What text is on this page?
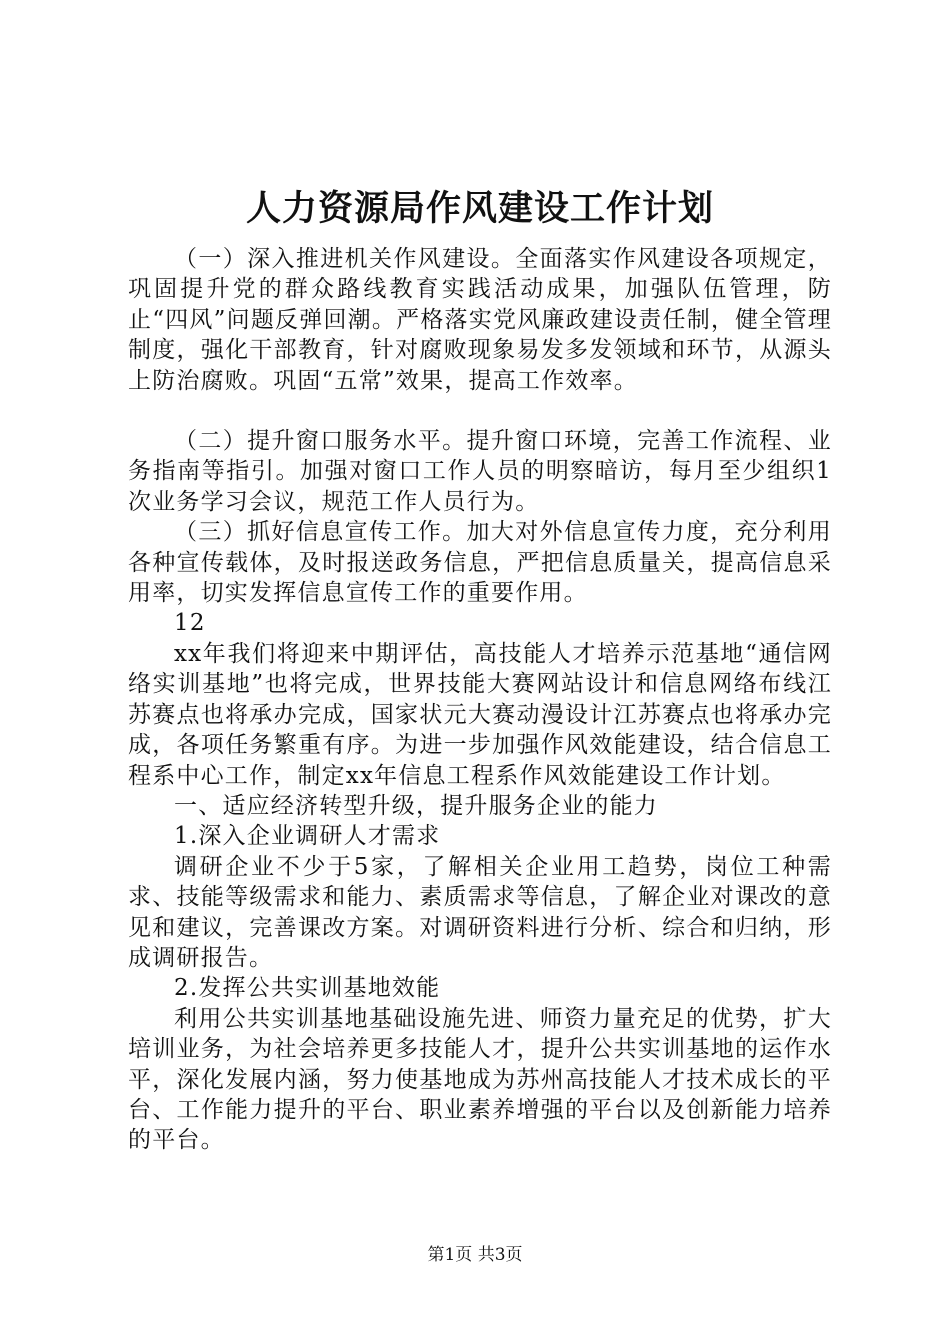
人力资源局作风建设工作计划

（一）深入推进机关作风建设。全面落实作风建设各项规定，巩固提升党的群众路线教育实践活动成果，加强队伍管理，防止“四风”问题反弹回潮。严格落实党风廉政建设责任制，健全管理制度，强化干部教育，针对腐败现象易发多发领域和环节，从源头上防治腐败。巩固“五常”效果，提高工作效率。

（二）提升窗口服务水平。提升窗口环境，完善工作流程、业务指南等指引。加强对窗口工作人员的明察暗访，每月至少组织1次业务学习会议，规范工作人员行为。

（三）抓好信息宣传工作。加大对外信息宣传力度，充分利用各种宣传载体，及时报送政务信息，严把信息质量关，提高信息采用率，切实发挥信息宣传工作的重要作用。

12

xx年我们将迎来中期评估，高技能人才培养示范基地“通信网络实训基地”也将完成，世界技能大赛网站设计和信息网络布线江苏赛点也将承办完成，国家状元大赛动漫设计江苏赛点也将承办完成，各项任务繁重有序。为进一步加强作风效能建设，结合信息工程系中心工作，制定xx年信息工程系作风效能建设工作计划。

一、适应经济转型升级，提升服务企业的能力

1.深入企业调研人才需求

调研企业不少于5家，了解相关企业用工趋势，岗位工种需求、技能等级需求和能力、素质需求等信息，了解企业对课改的意见和建议，完善课改方案。对调研资料进行分析、综合和归纳，形成调研报告。

2.发挥公共实训基地效能

利用公共实训基地基础设施先进、师资力量充足的优势，扩大培训业务，为社会培养更多技能人才，提升公共实训基地的运作水平，深化发展内涵，努力使基地成为苏州高技能人才技术成长的平台、工作能力提升的平台、职业素养增强的平台以及创新能力培养的平台。

第1页 共3页
